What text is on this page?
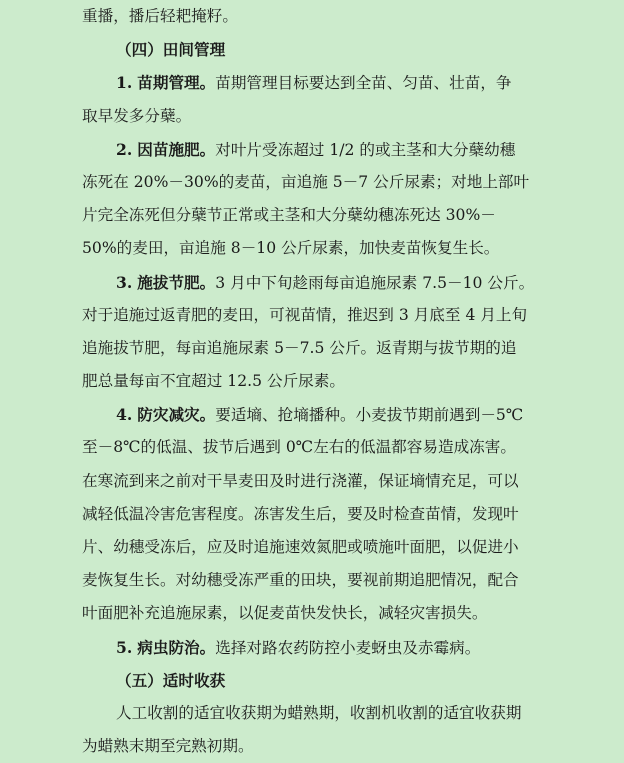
重播，播后轻耙掩籽。
（四）田间管理
1. 苗期管理。苗期管理目标要达到全苗、匀苗、壮苗，争
取早发多分蘖。
2. 因苗施肥。对叶片受冻超过 1/2 的或主茎和大分蘖幼穗
冻死在 20%－30%的麦苗，亩追施 5－7 公斤尿素；对地上部叶
片完全冻死但分蘖节正常或主茎和大分蘖幼穗冻死达 30%－
50%的麦田，亩追施 8－10 公斤尿素，加快麦苗恢复生长。
3. 施拔节肥。3 月中下旬趁雨每亩追施尿素 7.5－10 公斤。
对于追施过返青肥的麦田，可视苗情，推迟到 3 月底至 4 月上旬
追施拔节肥，每亩追施尿素 5－7.5 公斤。返青期与拔节期的追
肥总量每亩不宜超过 12.5 公斤尿素。
4. 防灾减灾。要适墒、抢墒播种。小麦拔节期前遇到－5℃
至－8℃的低温、拔节后遇到 0℃左右的低温都容易造成冻害。
在寒流到来之前对干旱麦田及时进行浇灌，保证墒情充足，可以
减轻低温冷害危害程度。冻害发生后，要及时检查苗情，发现叶
片、幼穗受冻后，应及时追施速效氮肥或喷施叶面肥，以促进小
麦恢复生长。对幼穗受冻严重的田块，要视前期追肥情况，配合
叶面肥补充追施尿素，以促麦苗快发快长，减轻灾害损失。
5. 病虫防治。选择对路农药防控小麦蚜虫及赤霉病。
（五）适时收获
人工收割的适宜收获期为蜡熟期，收割机收割的适宜收获期
为蜡熟末期至完熟初期。
